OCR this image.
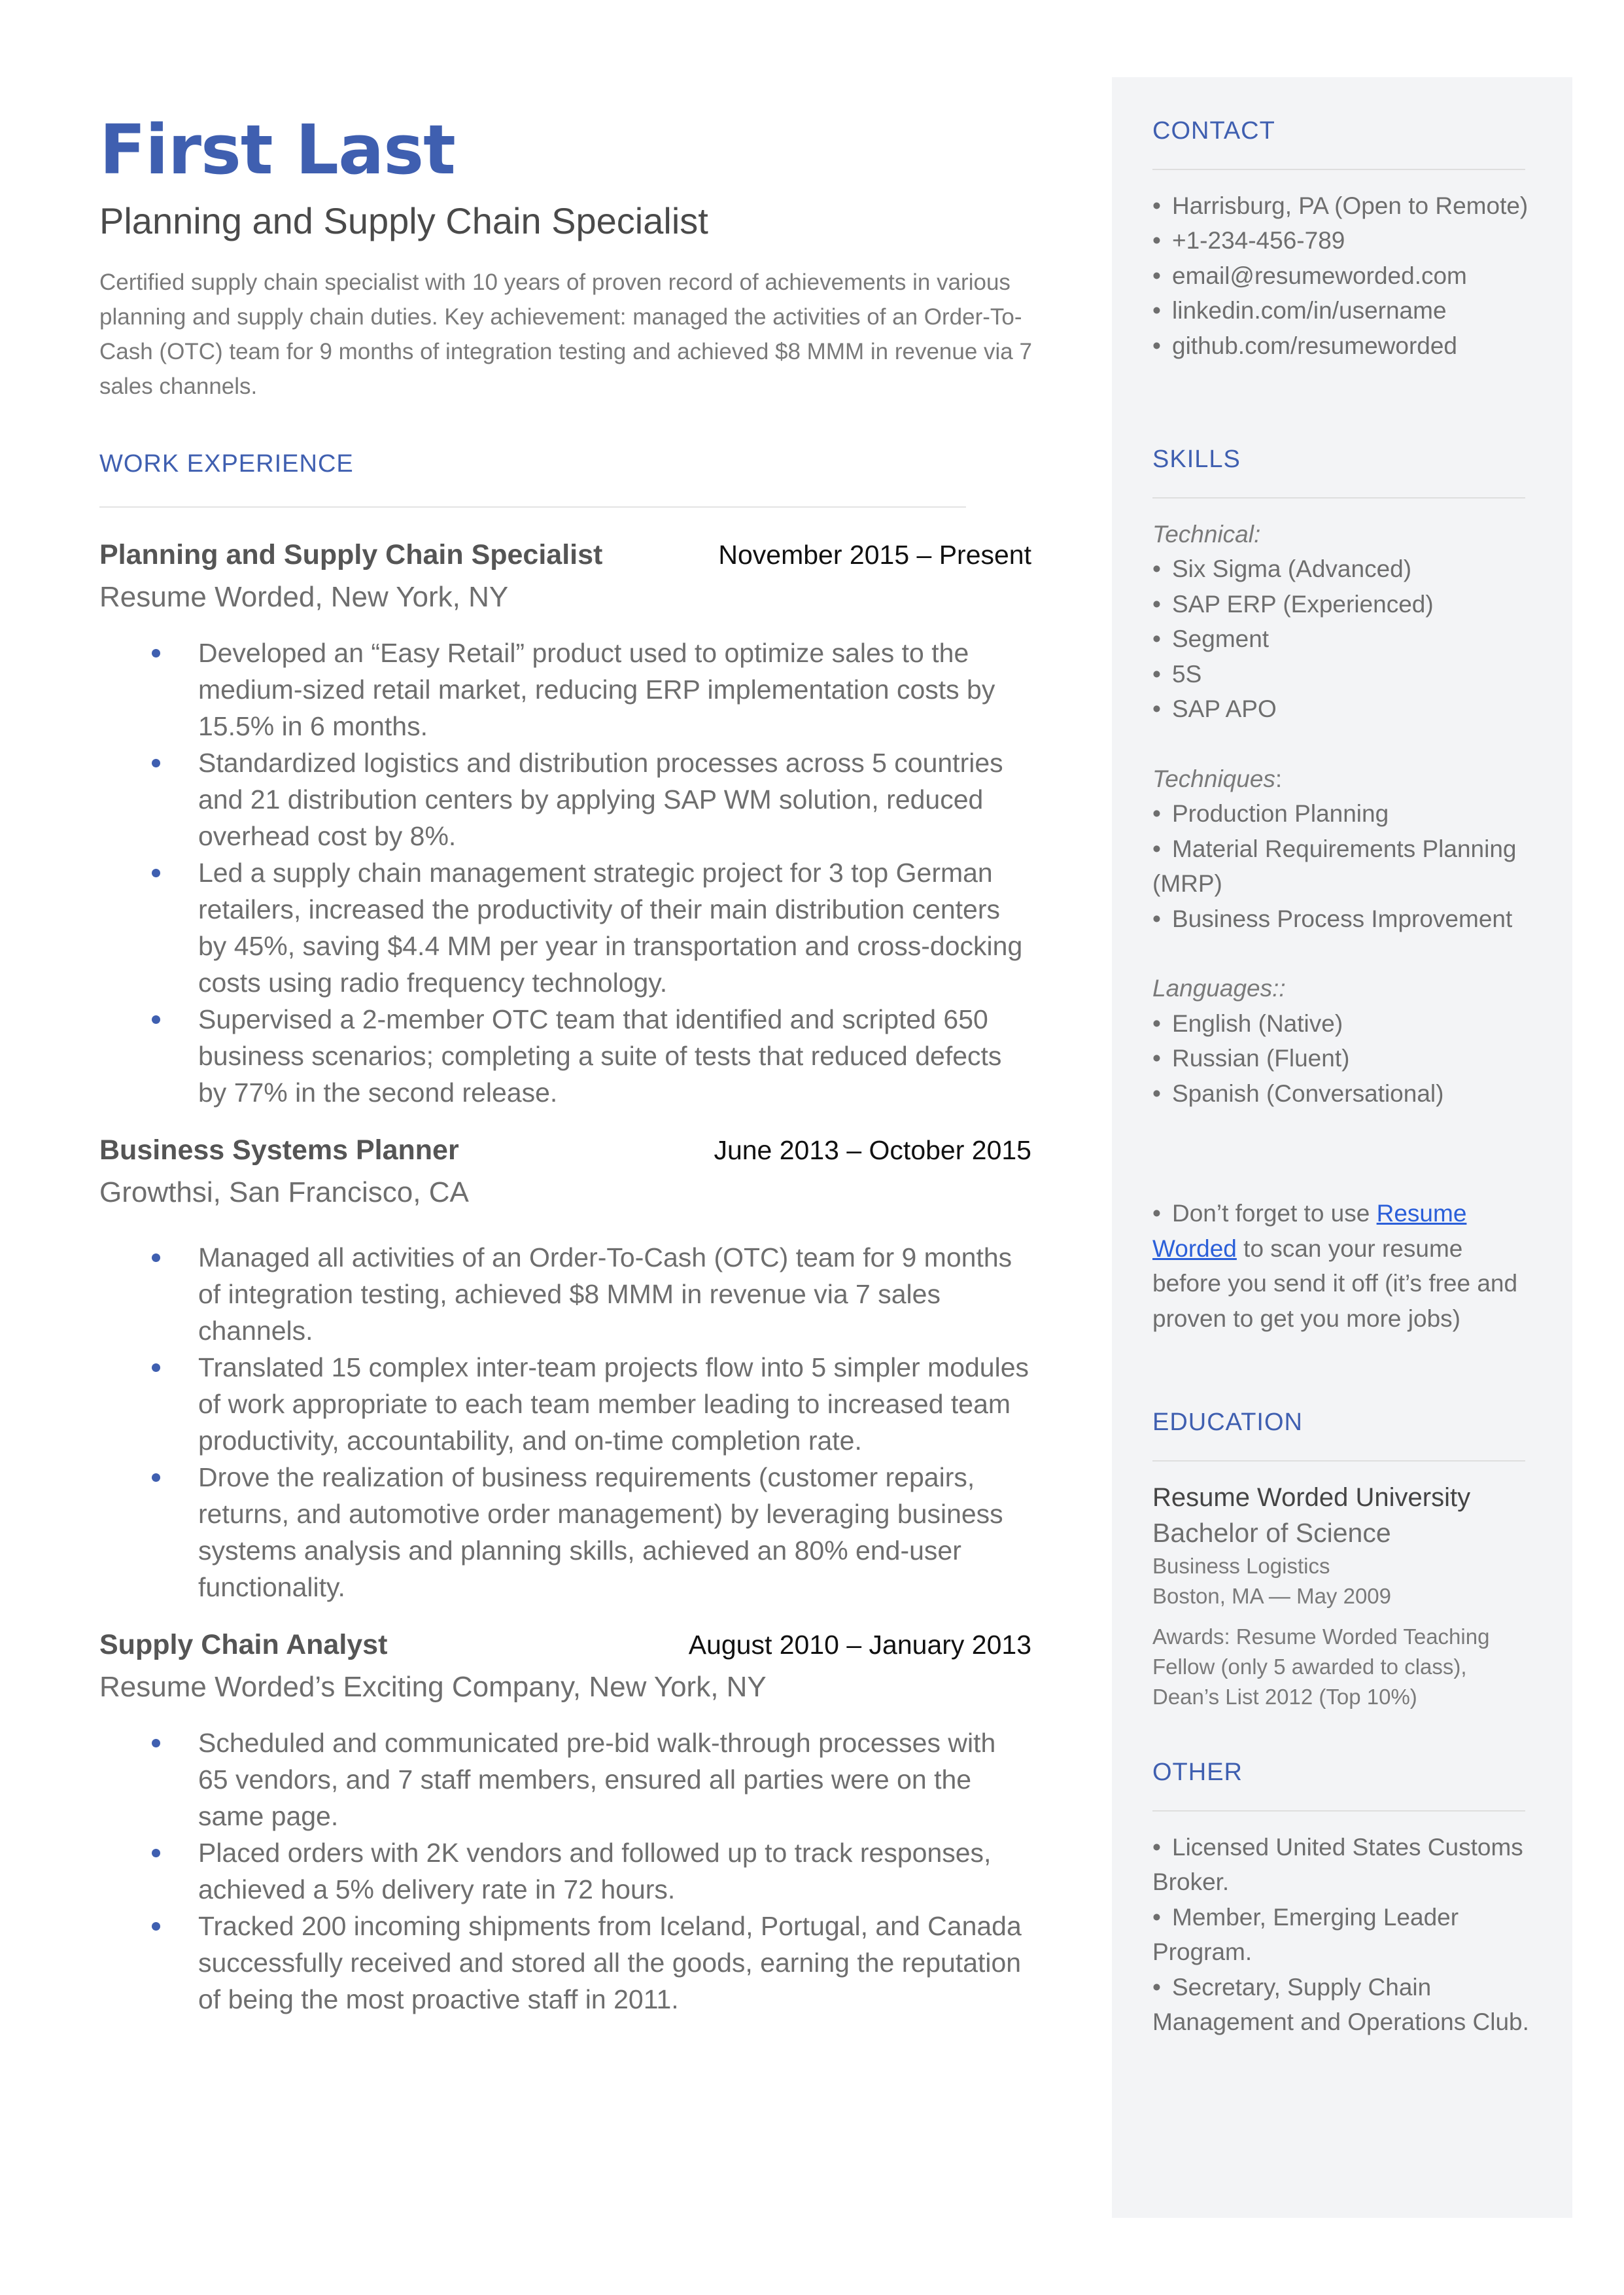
First Last
Planning and Supply Chain Specialist

Certified supply chain specialist with 10 years of proven record of achievements in various planning and supply chain duties. Key achievement: managed the activities of an Order-To-Cash (OTC) team for 9 months of integration testing and achieved $8 MMM in revenue via 7 sales channels.

WORK EXPERIENCE
Planning and Supply Chain Specialist	November 2015 – Present
Resume Worded, New York, NY
Developed an “Easy Retail” product used to optimize sales to the medium-sized retail market, reducing ERP implementation costs by 15.5% in 6 months.
Standardized logistics and distribution processes across 5 countries and 21 distribution centers by applying SAP WM solution, reduced overhead cost by 8%.
Led a supply chain management strategic project for 3 top German retailers, increased the productivity of their main distribution centers by 45%, saving $4.4 MM per year in transportation and cross-docking costs using radio frequency technology.
Supervised a 2-member OTC team that identified and scripted 650 business scenarios; completing a suite of tests that reduced defects by 77% in the second release.
Business Systems Planner	June 2013 – October 2015
Growthsi, San Francisco, CA
Managed all activities of an Order-To-Cash (OTC) team for 9 months of integration testing, achieved $8 MMM in revenue via 7 sales channels.
Translated 15 complex inter-team projects flow into 5 simpler modules of work appropriate to each team member leading to increased team productivity, accountability, and on-time completion rate.
Drove the realization of business requirements (customer repairs, returns, and automotive order management) by leveraging business systems analysis and planning skills, achieved an 80% end-user functionality.
Supply Chain Analyst	August 2010 – January 2013
Resume Worded’s Exciting Company, New York, NY
Scheduled and communicated pre-bid walk-through processes with 65 vendors, and 7 staff members, ensured all parties were on the same page.
Placed orders with 2K vendors and followed up to track responses, achieved a 5% delivery rate in 72 hours.
Tracked 200 incoming shipments from Iceland, Portugal, and Canada successfully received and stored all the goods, earning the reputation of being the most proactive staff in 2011.
CONTACT
• Harrisburg, PA (Open to Remote)
• +1-234-456-789
• email@resumeworded.com
• linkedin.com/in/username
• github.com/resumeworded
SKILLS
Technical:
• Six Sigma (Advanced)
• SAP ERP (Experienced)
• Segment
• 5S
• SAP APO
Techniques:
• Production Planning
• Material Requirements Planning
(MRP)
• Business Process Improvement
Languages::
• English (Native)
• Russian (Fluent)
• Spanish (Conversational)
• Don’t forget to use Resume
Worded to scan your resume before you send it off (it’s free and proven to get you more jobs)
EDUCATION
Resume Worded University
Bachelor of Science
Business Logistics
Boston, MA — May 2009
Awards: Resume Worded Teaching Fellow (only 5 awarded to class), Dean’s List 2012 (Top 10%)
OTHER
• Licensed United States Customs Broker.
• Member, Emerging Leader Program.
• Secretary, Supply Chain Management and Operations Club.
